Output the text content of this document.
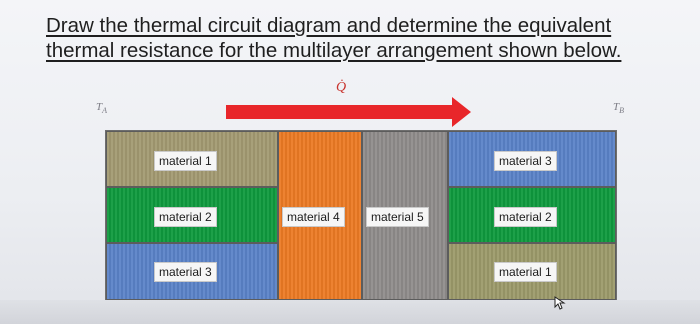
Draw the thermal circuit diagram and determine the equivalent
thermal resistance for the multilayer arrangement shown below.
Q̇
$T_A$	$T_B$
material 1
material 2
material 3
material 4	material 5
material 3
material 2
material 1
